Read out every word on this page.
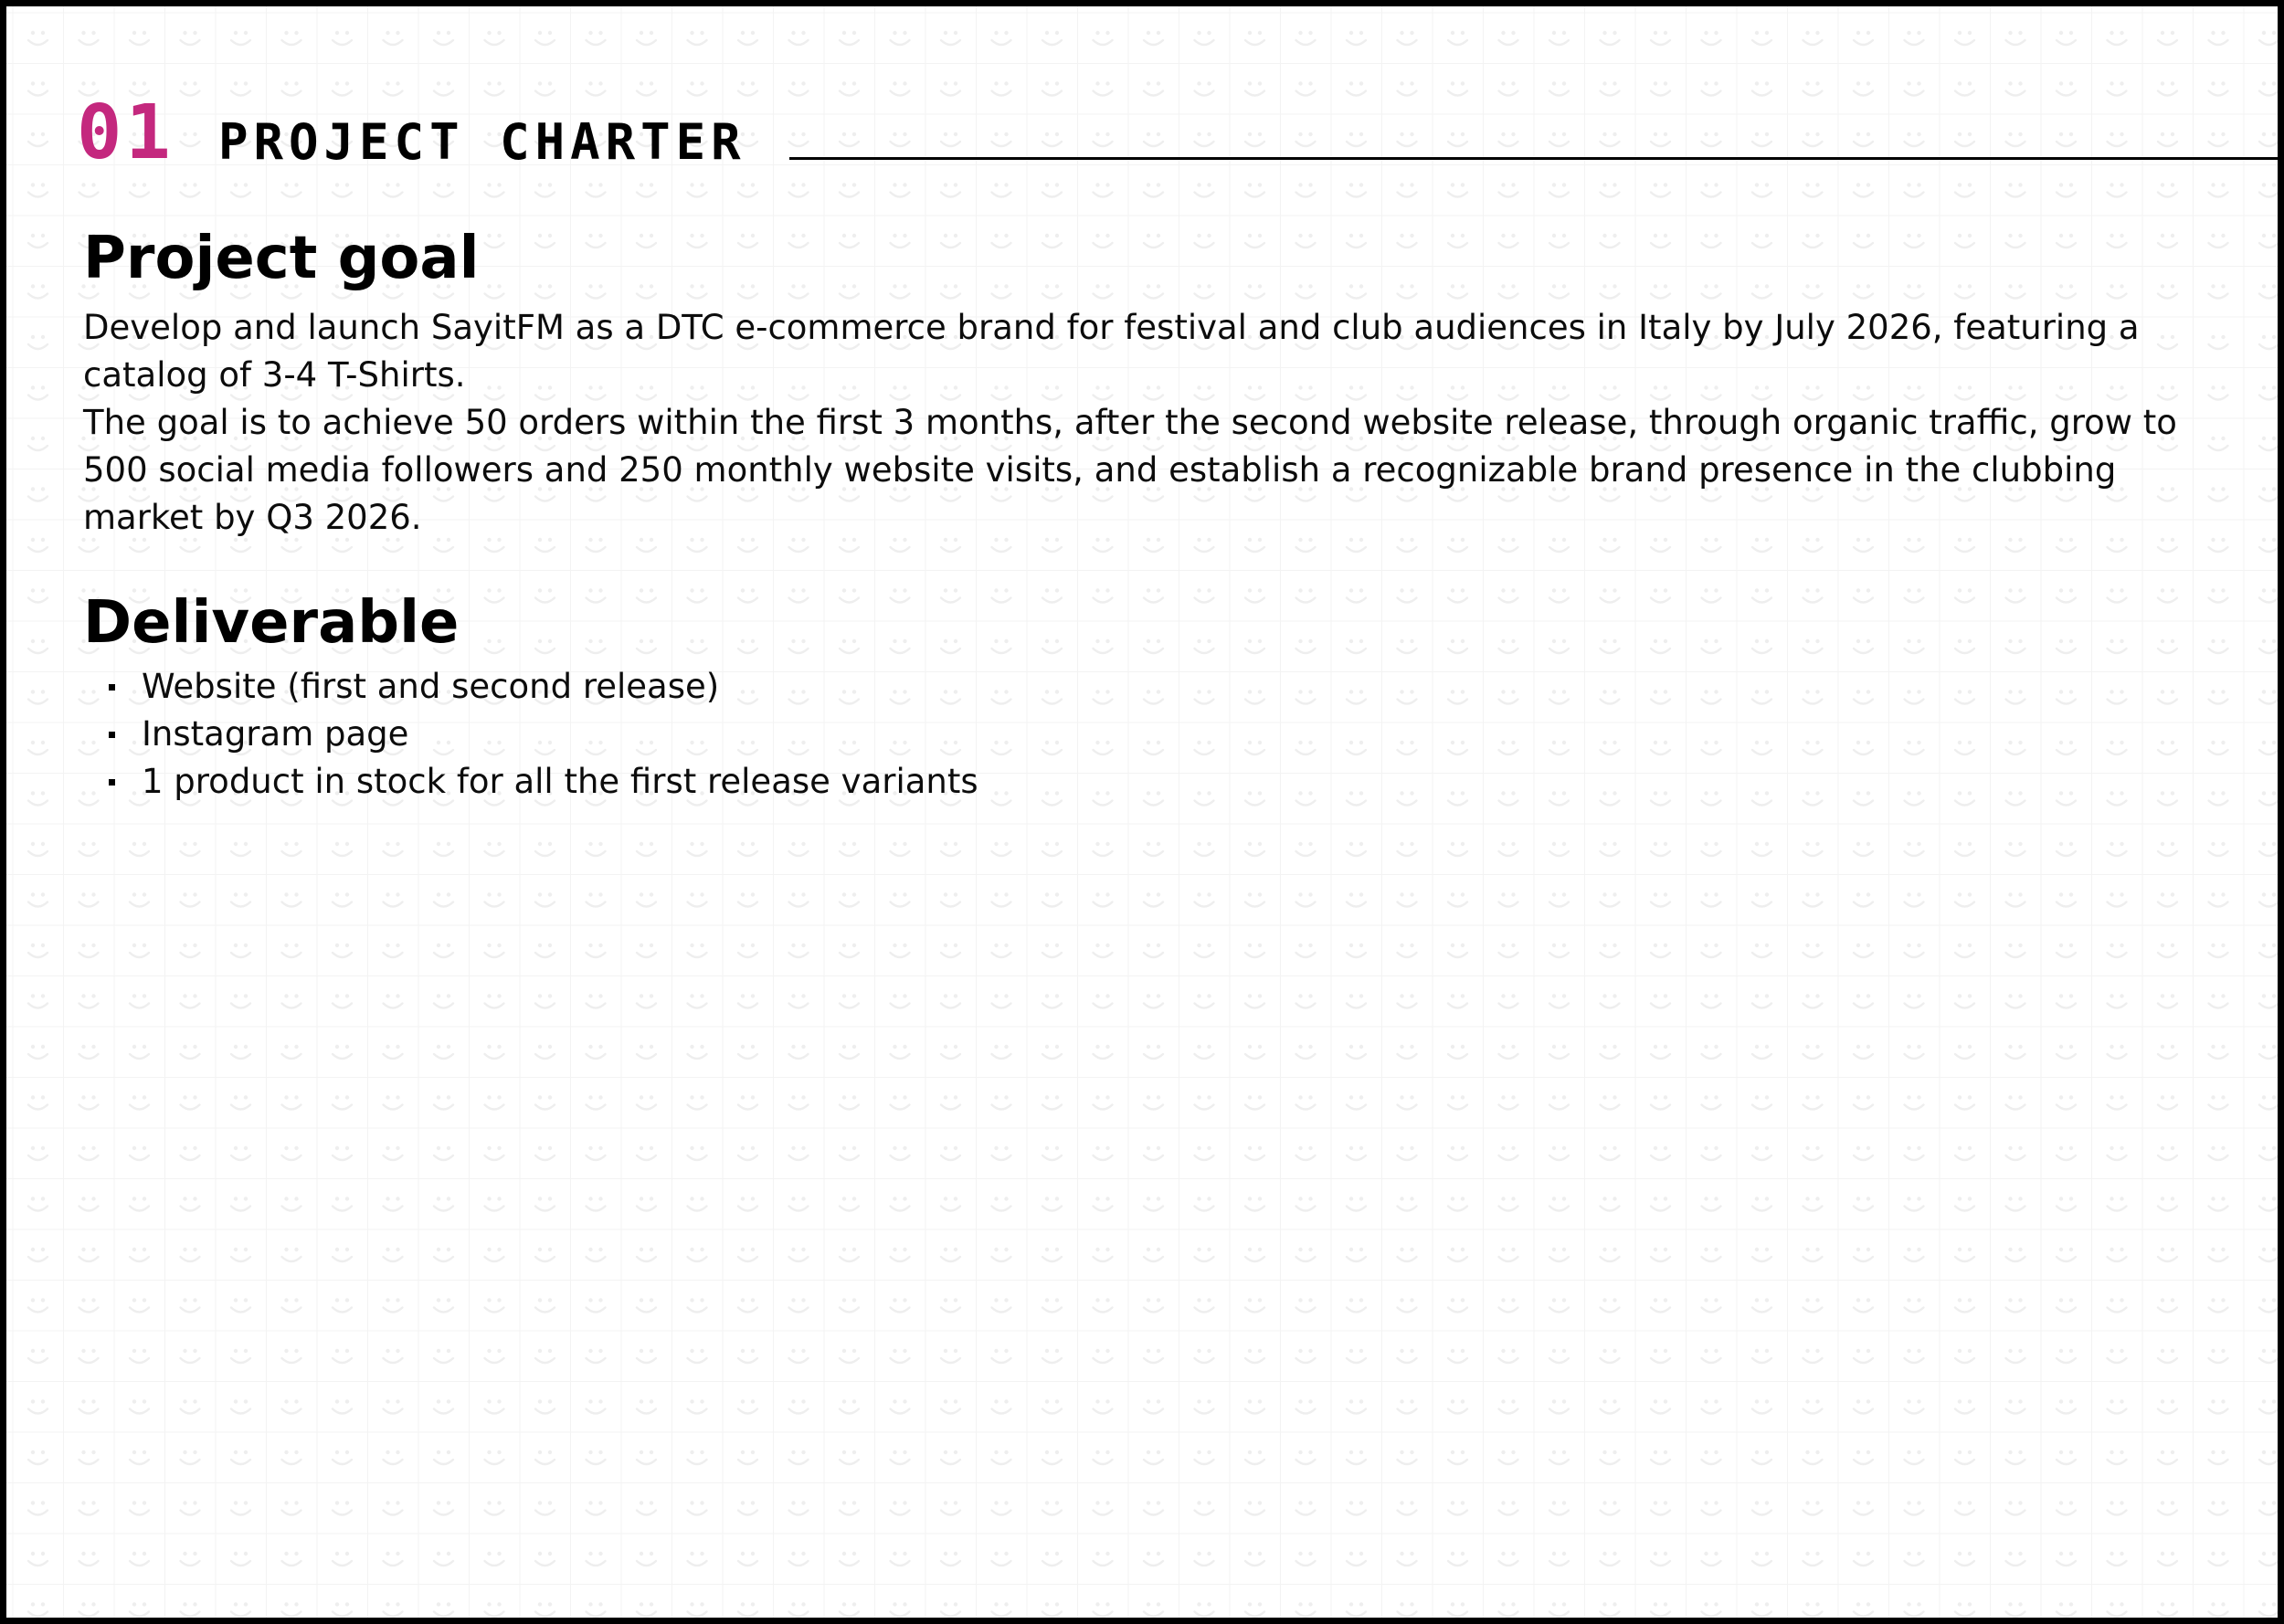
01 PROJECT CHARTER
Project goal

Develop and launch SayitFM as a DTC e-commerce brand for festival and club audiences in Italy by July 2026, featuring a catalog of 3-4 T-Shirts.

The goal is to achieve 50 orders within the first 3 months, after the second website release, through organic traffic, grow to 500 social media followers and 250 monthly website visits, and establish a recognizable brand presence in the clubbing market by Q3 2026.

Deliverable
Website (first and second release)
Instagram page
1 product in stock for all the first release variants
